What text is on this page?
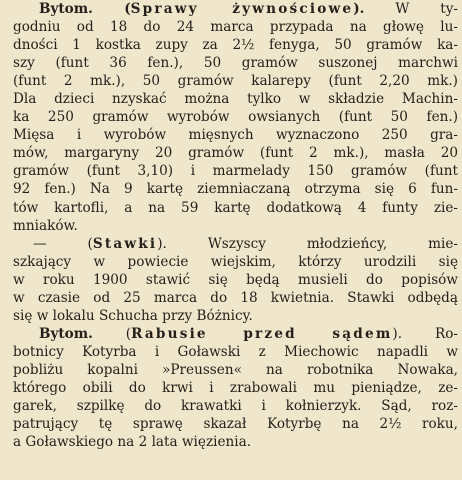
Bytom. (Sprawy żywnościowe). W ty-
godniu od 18 do 24 marca przypada na głowę lu-
dności 1 kostka zupy za 2½ fenyga, 50 gramów ka-
szy (funt 36 fen.), 50 gramów suszonej marchwi
(funt 2 mk.), 50 gramów kalarepy (funt 2,20 mk.)
Dla dzieci nzyskać można tylko w składzie Machin-
ka 250 gramów wyrobów owsianych (funt 50 fen.)
Mięsa i wyrobów mięsnych wyznaczono 250 gra-
mów, margaryny 20 gramów (funt 2 mk.), masła 20
gramów (funt 3,10) i marmelady 150 gramów (funt
92 fen.) Na 9 kartę ziemniaczaną otrzyma się 6 fun-
tów kartofli, a na 59 kartę dodatkową 4 funty zie-
mniaków.
— (Stawki). Wszyscy młodzieńcy, mie-
szkający w powiecie wiejskim, którzy urodzili się
w roku 1900 stawić się będą musieli do popisów
w czasie od 25 marca do 18 kwietnia. Stawki odbędą
się w lokalu Schucha przy Bóżnicy.
Bytom. (Rabusie przed sądem). Ro-
botnicy Kotyrba i Goławski z Miechowic napadli w
pobliżu kopalni »Preussen« na robotnika Nowaka,
którego obili do krwi i zrabowali mu pieniądze, ze-
garek, szpilkę do krawatki i kołnierzyk. Sąd, roz-
patrujący tę sprawę skazał Kotyrbę na 2½ roku,
a Goławskiego na 2 lata więzienia.
